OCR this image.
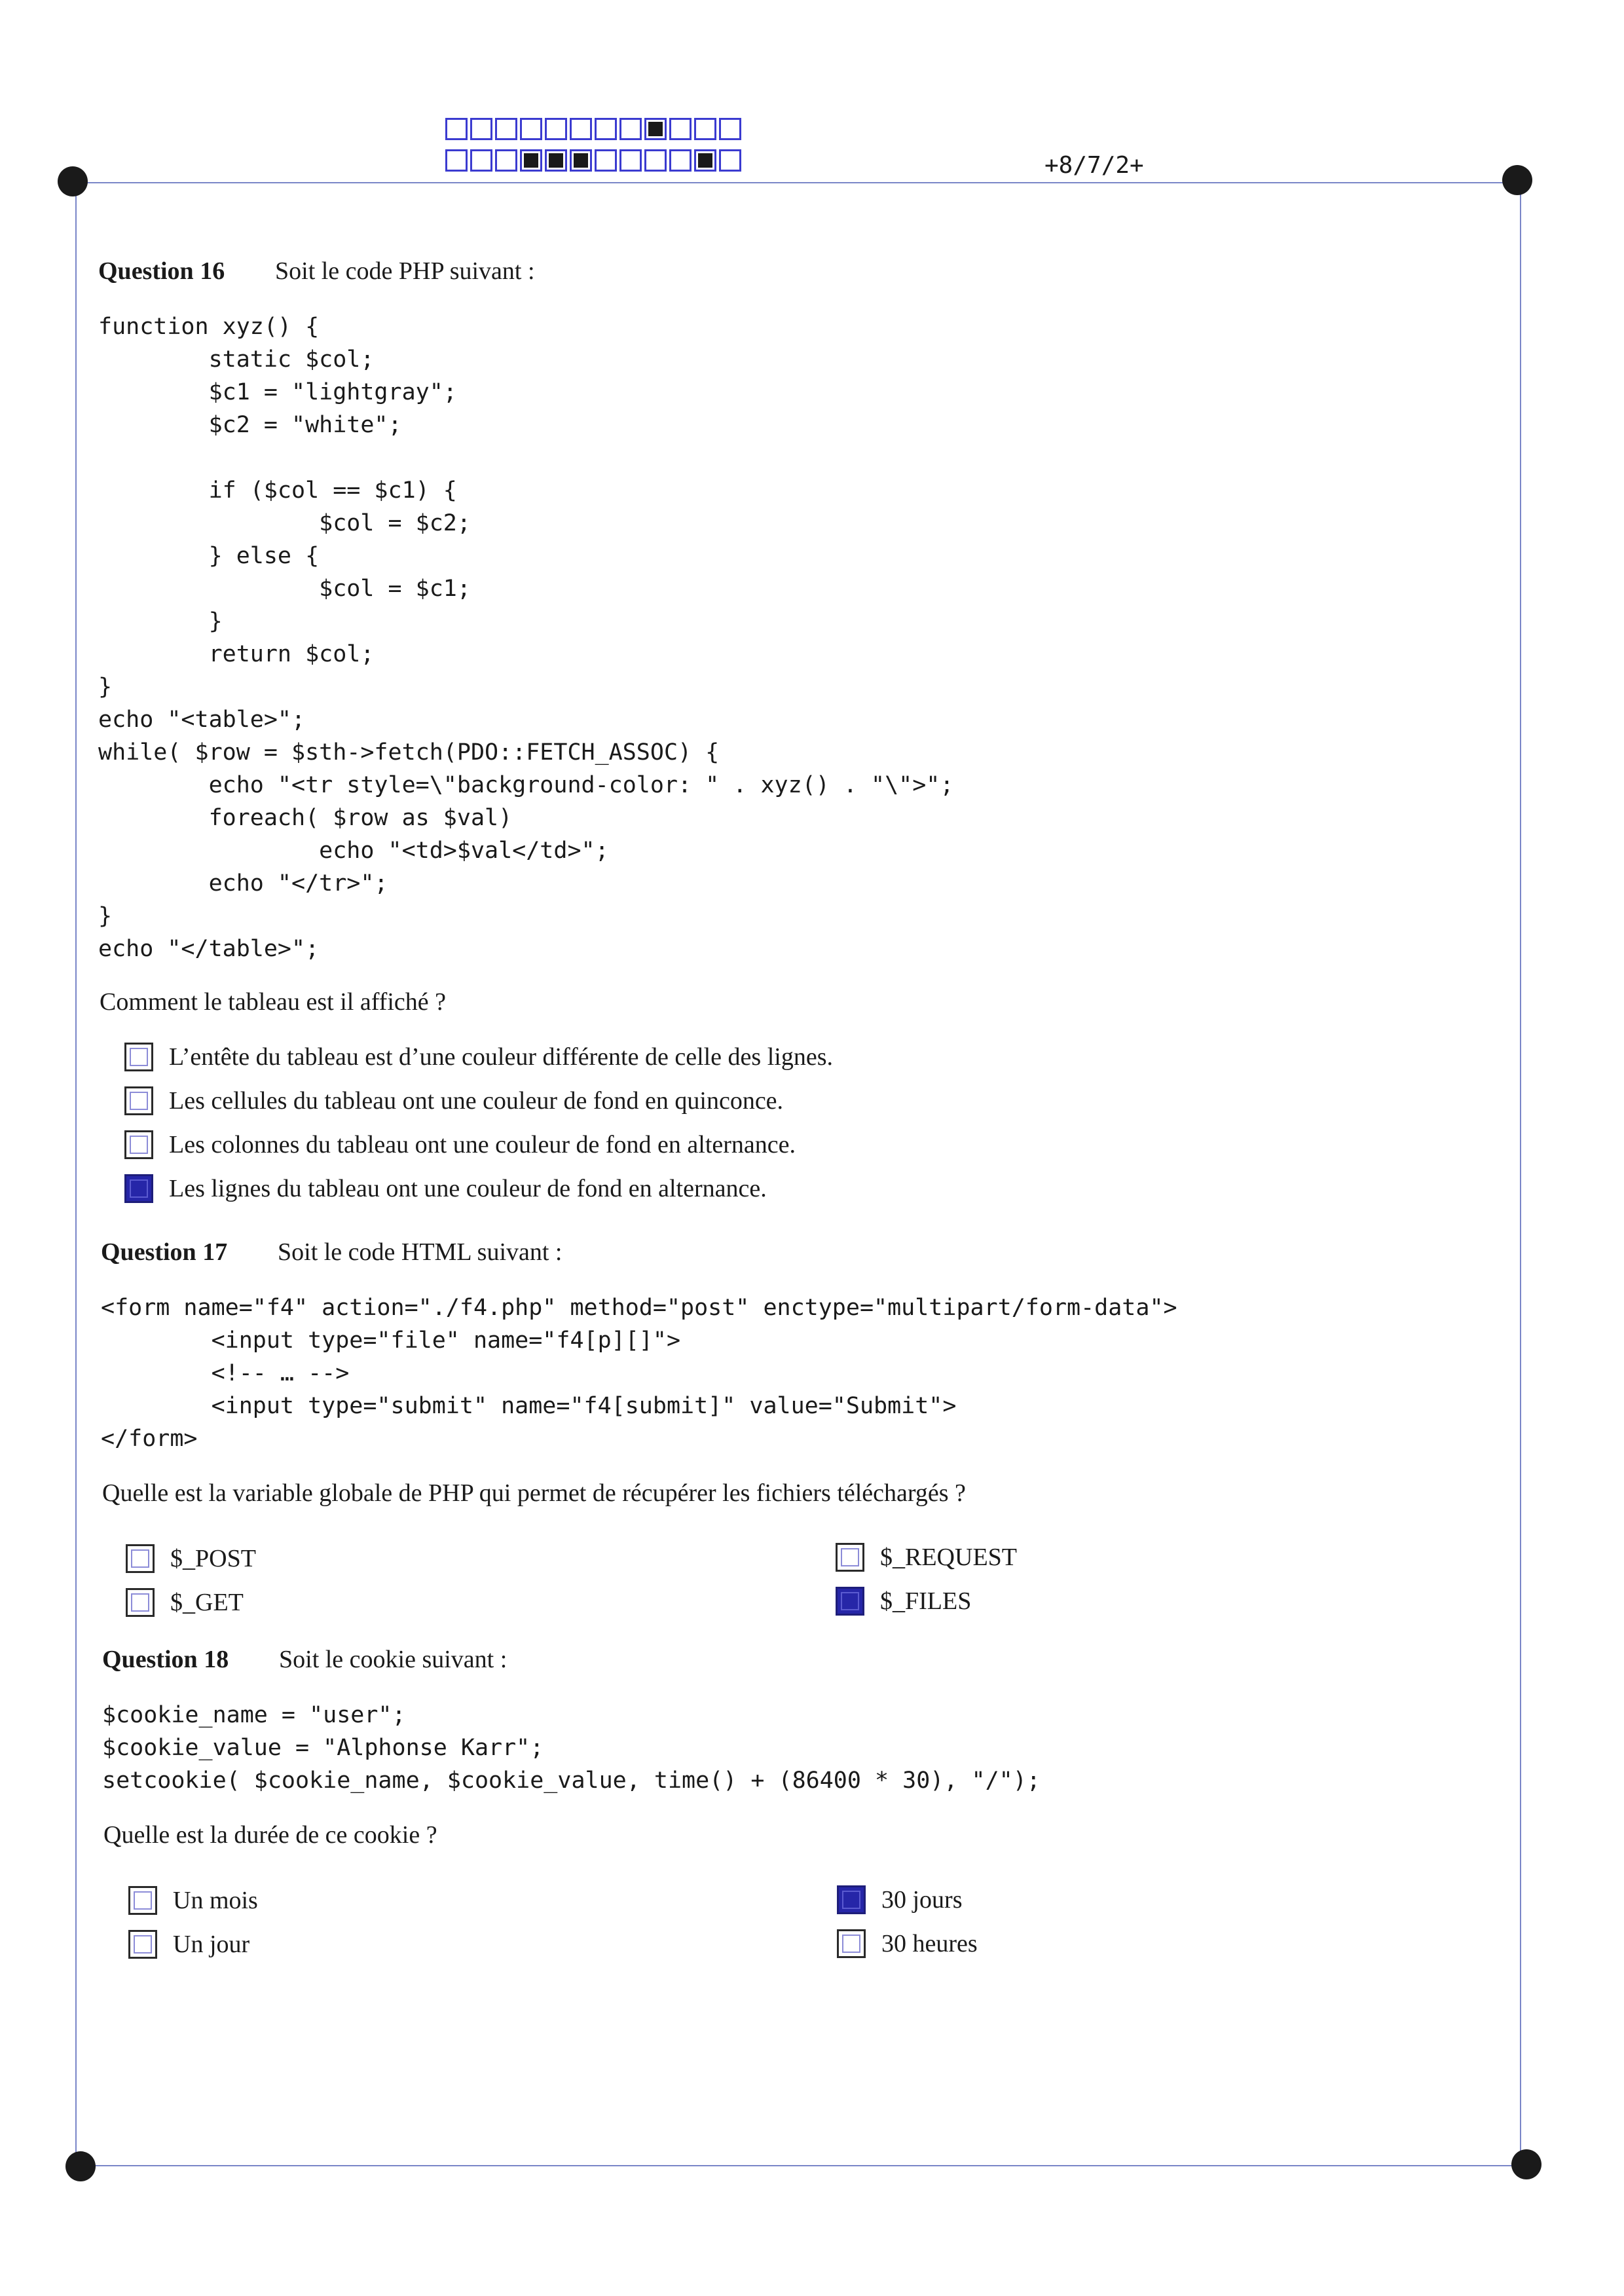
+8/7/2+
Question 16 Soit le code PHP suivant :
function xyz() {
static $col;
$c1 = "lightgray";
$c2 = "white";

if ($col == $c1) {
$col = $c2;
} else {
$col = $c1;
}
return $col;
}
echo "<table>";
while( $row = $sth->fetch(PDO::FETCH_ASSOC) {
echo "<tr style=\"background-color: " . xyz() . "\">";
foreach( $row as $val)
echo "<td>$val</td>";
echo "</tr>";
}
echo "</table>";
Comment le tableau est il affiché ?
L’entête du tableau est d’une couleur différente de celle des lignes.
Les cellules du tableau ont une couleur de fond en quinconce.
Les colonnes du tableau ont une couleur de fond en alternance.
Les lignes du tableau ont une couleur de fond en alternance.
Question 17 Soit le code HTML suivant :
<form name="f4" action="./f4.php" method="post" enctype="multipart/form-data">
<input type="file" name="f4[p][]">
<!-- … -->
<input type="submit" name="f4[submit]" value="Submit">
</form>
Quelle est la variable globale de PHP qui permet de récupérer les fichiers téléchargés ?
$_POST
$_GET
$_REQUEST
$_FILES
Question 18 Soit le cookie suivant :
$cookie_name = "user";
$cookie_value = "Alphonse Karr";
setcookie( $cookie_name, $cookie_value, time() + (86400 * 30), "/");
Quelle est la durée de ce cookie ?
Un mois
Un jour
30 jours
30 heures
